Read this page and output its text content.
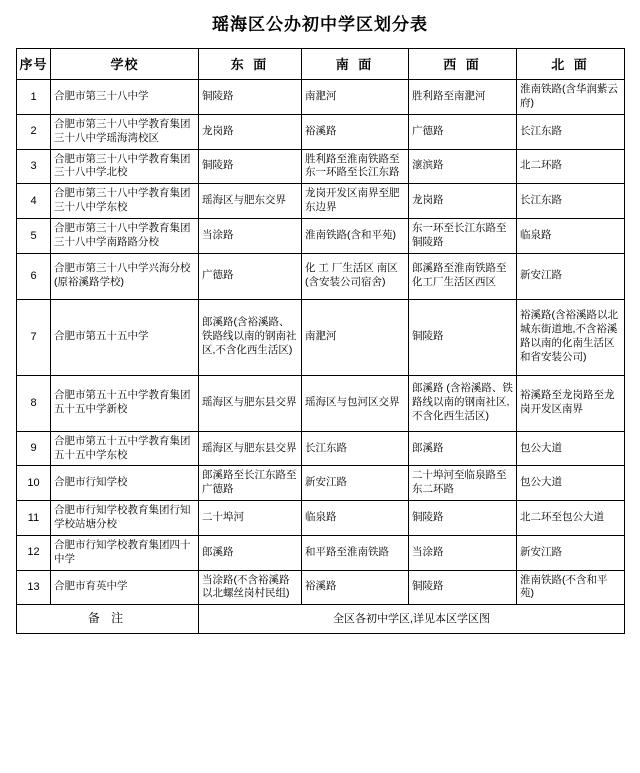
瑶海区公办初中学区划分表
序号	学校	东 面	南 面	西 面	北 面
1	合肥市第三十八中学	铜陵路	南淝河	胜利路至南淝河	淮南铁路(含华润紫云府)
2	合肥市第三十八中学教育集团三十八中学瑶海湾校区	龙岗路	裕溪路	广德路	长江东路
3	合肥市第三十八中学教育集团三十八中学北校	铜陵路	胜利路至淮南铁路至东一环路至长江东路	瀤滨路	北二环路
4	合肥市第三十八中学教育集团三十八中学东校	瑶海区与肥东交界	龙岗开发区南界至肥东边界	龙岗路	长江东路
5	合肥市第三十八中学教育集团三十八中学南路路分校	当涂路	淮南铁路(含和平苑)	东一环至长江东路至铜陵路	临泉路
6	合肥市第三十八中学兴海分校(原裕溪路学校)	广德路	化 工 厂生活区 南区(含安装公司宿舍)	郎溪路至淮南铁路至化工厂生活区西区	新安江路
7	合肥市第五十五中学	郎溪路(含裕溪路、铁路线以南的钢南社区,不含化西生活区)	南淝河	铜陵路	裕溪路(含裕溪路以北城东街道地,不含裕溪路以南的化南生活区和省安装公司)
8	合肥市第五十五中学教育集团五十五中学新校	瑶海区与肥东县交界	瑶海区与包河区交界	郎溪路 (含裕溪路、铁路线以南的钢南社区,不含化西生活区)	裕溪路至龙岗路至龙岗开发区南界
9	合肥市第五十五中学教育集团五十五中学东校	瑶海区与肥东县交界	长江东路	郎溪路	包公大道
10	合肥市行知学校	郎溪路至长江东路至广德路	新安江路	二十埠河至临泉路至东二环路	包公大道
11	合肥市行知学校教育集团行知学校站塘分校	二十埠河	临泉路	铜陵路	北二环至包公大道
12	合肥市行知学校教育集团四十中学	郎溪路	和平路至淮南铁路	当涂路	新安江路
13	合肥市育英中学	当涂路(不含裕溪路以北螺丝岗村民组)	裕溪路	铜陵路	淮南铁路(不含和平苑)
备 注		全区各初中学区,详见本区学区图			
